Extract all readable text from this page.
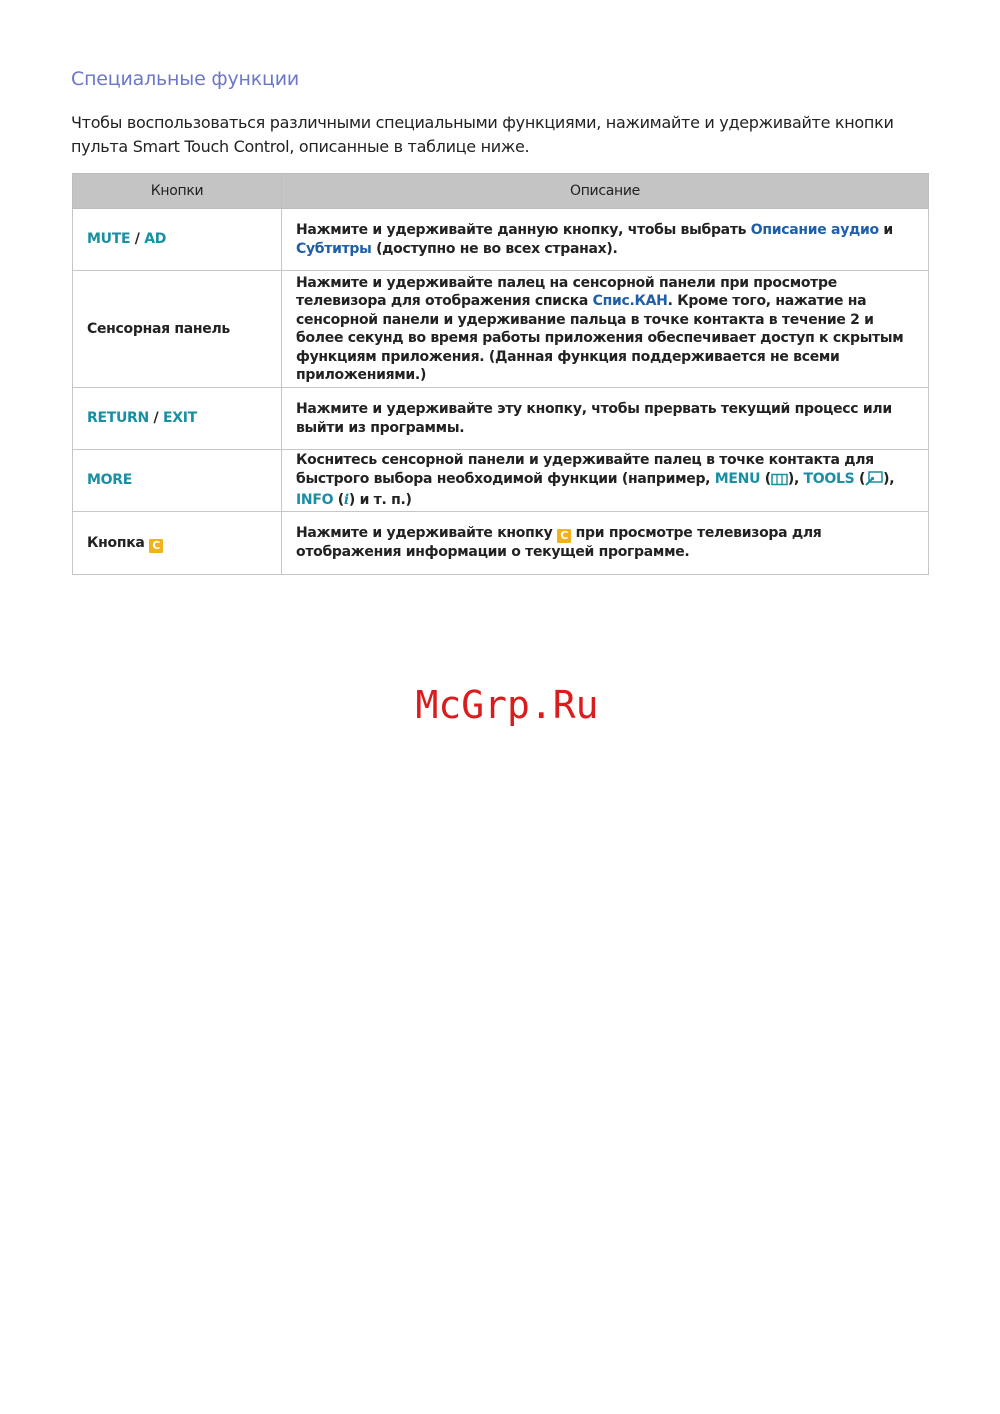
Специальные функции
Чтобы воспользоваться различными специальными функциями, нажимайте и удерживайте кнопки пульта Smart Touch Control, описанные в таблице ниже.
Кнопки	Описание
MUTE / AD	Нажмите и удерживайте данную кнопку, чтобы выбрать Описание аудио и Субтитры (доступно не во всех странах).
Сенсорная панель	Нажмите и удерживайте палец на сенсорной панели при просмотре телевизора для отображения списка Спис.КАН. Кроме того, нажатие на сенсорной панели и удерживание пальца в точке контакта в течение 2 и более секунд во время работы приложения обеспечивает доступ к скрытым функциям приложения. (Данная функция поддерживается не всеми приложениями.)
RETURN / EXIT	Нажмите и удерживайте эту кнопку, чтобы прервать текущий процесс или выйти из программы.
MORE	Коснитесь сенсорной панели и удерживайте палец в точке контакта для быстрого выбора необходимой функции (например, MENU ( ), TOOLS ( ), INFO (i) и т. п.)
Кнопка C	Нажмите и удерживайте кнопку C при просмотре телевизора для отображения информации о текущей программе.
McGrp.Ru
